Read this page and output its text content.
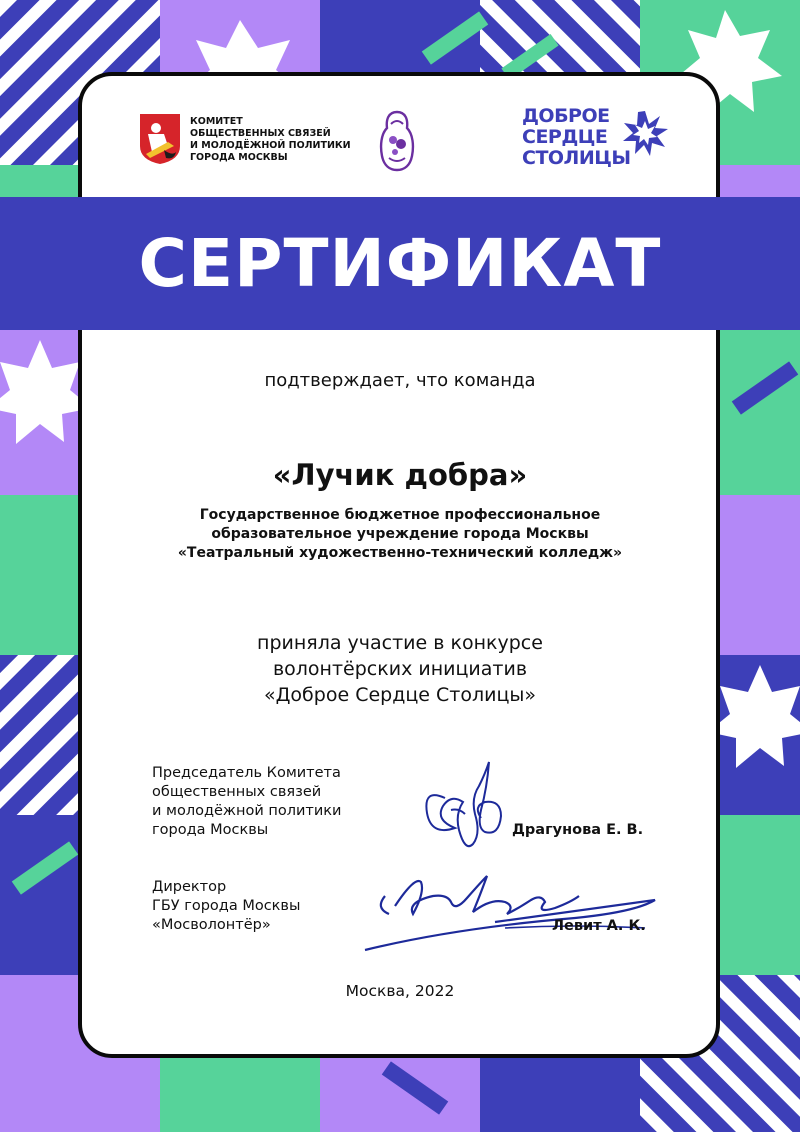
КОМИТЕТ
ОБЩЕСТВЕННЫХ СВЯЗЕЙ
И МОЛОДЁЖНОЙ ПОЛИТИКИ
ГОРОДА МОСКВЫ
ДОБРОЕ
СЕРДЦЕ
СТОЛИЦЫ
СЕРТИФИКАТ
подтверждает, что команда
«Лучик добра»
Государственное бюджетное профессиональное
образовательное учреждение города Москвы
«Театральный художественно-технический колледж»
приняла участие в конкурсе
волонтёрских инициатив
«Доброе Сердце Столицы»
Председатель Комитета
общественных связей
и молодёжной политики
города Москвы	Драгунова Е. В.
Директор
ГБУ города Москвы
«Мосволонтёр»	Левит А. К.
Москва, 2022
